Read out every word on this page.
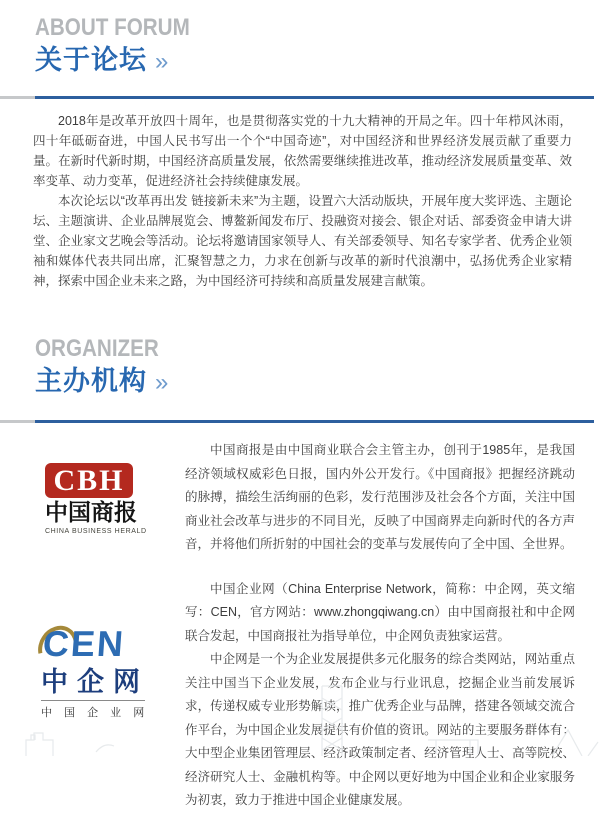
ABOUT FORUM
关于论坛 »

2018年是改革开放四十周年，也是贯彻落实党的十九大精神的开局之年。四十年栉风沐雨，四十年砥砺奋进，中国人民书写出一个个“中国奇迹”，对中国经济和世界经济发展贡献了重要力量。在新时代新时期，中国经济高质量发展，依然需要继续推进改革，推动经济发展质量变革、效率变革、动力变革，促进经济社会持续健康发展。

本次论坛以“改革再出发 链接新未来”为主题，设置六大活动版块，开展年度大奖评选、主题论坛、主题演讲、企业品牌展览会、博鳌新闻发布厅、投融资对接会、银企对话、部委资金申请大讲堂、企业家文艺晚会等活动。论坛将邀请国家领导人、有关部委领导、知名专家学者、优秀企业领袖和媒体代表共同出席，汇聚智慧之力，力求在创新与改革的新时代浪潮中，弘扬优秀企业家精神，探索中国企业未来之路，为中国经济可持续和高质量发展建言献策。

ORGANIZER
主办机构 »
CBH
中国商报
CHINA BUSINESS HERALD

中国商报是由中国商业联合会主管主办，创刊于1985年，是我国经济领域权威彩色日报，国内外公开发行。《中国商报》把握经济跳动的脉搏，描绘生活绚丽的色彩，发行范围涉及社会各个方面，关注中国商业社会改革与进步的不同目光，反映了中国商界走向新时代的各方声音，并将他们所折射的中国社会的变革与发展传向了全中国、全世界。

CEN
中企网
中 国 企 业 网

中国企业网（China Enterprise Network，简称：中企网，英文缩写：CEN，官方网站：www.zhongqiwang.cn）由中国商报社和中企网联合发起，中国商报社为指导单位，中企网负责独家运营。

中企网是一个为企业发展提供多元化服务的综合类网站，网站重点关注中国当下企业发展，发布企业与行业讯息，挖掘企业当前发展诉求，传递权威专业形势解读，推广优秀企业与品牌，搭建各领域交流合作平台，为中国企业发展提供有价值的资讯。网站的主要服务群体有：大中型企业集团管理层、经济政策制定者、经济管理人士、高等院校、经济研究人士、金融机构等。中企网以更好地为中国企业和企业家服务为初衷，致力于推进中国企业健康发展。
